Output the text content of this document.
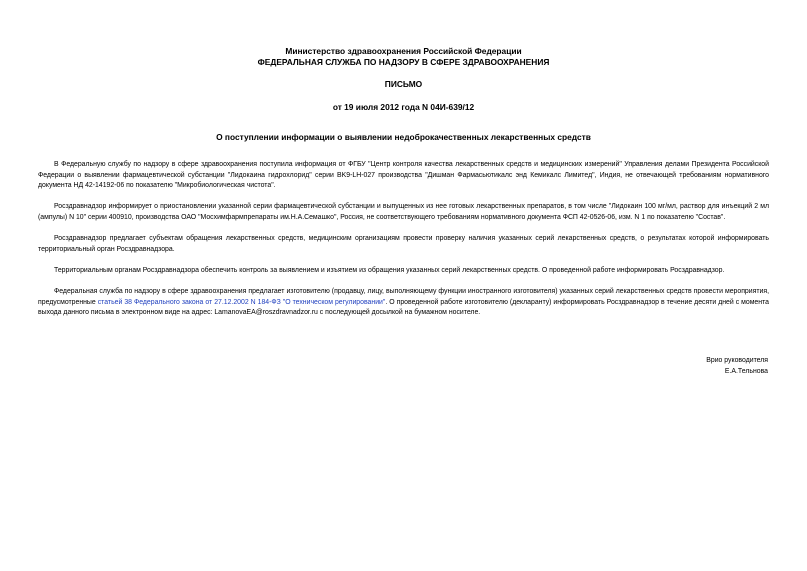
Министерство здравоохранения Российской Федерации
ФЕДЕРАЛЬНАЯ СЛУЖБА ПО НАДЗОРУ В СФЕРЕ ЗДРАВООХРАНЕНИЯ
ПИСЬМО
от 19 июля 2012 года N 04И-639/12
О поступлении информации о выявлении недоброкачественных лекарственных средств

В Федеральную службу по надзору в сфере здравоохранения поступила информация от ФГБУ "Центр контроля качества лекарственных средств и медицинских измерений" Управления делами Президента Российской Федерации о выявлении фармацевтической субстанции "Лидокаина гидрохлорид" серии BK9-LH-027 производства "Дишман Фармасьютикалс энд Кемикалс Лимитед", Индия, не отвечающей требованиям нормативного документа НД 42-14192-06 по показателю "Микробиологическая чистота".

Росздравнадзор информирует о приостановлении указанной серии фармацевтической субстанции и выпущенных из нее готовых лекарственных препаратов, в том числе "Лидокаин 100 мг/мл, раствор для инъекций 2 мл (ампулы) N 10" серии 400910, производства ОАО "Мосхимфармпрепараты им.Н.А.Семашко", Россия, не соответствующего требованиям нормативного документа ФСП 42-0526-06, изм. N 1 по показателю "Состав".

Росздравнадзор предлагает субъектам обращения лекарственных средств, медицинским организациям провести проверку наличия указанных серий лекарственных средств, о результатах которой информировать территориальный орган Росздравнадзора.

Территориальным органам Росздравнадзора обеспечить контроль за выявлением и изъятием из обращения указанных серий лекарственных средств. О проведенной работе информировать Росздравнадзор.

Федеральная служба по надзору в сфере здравоохранения предлагает изготовителю (продавцу, лицу, выполняющему функции иностранного изготовителя) указанных серий лекарственных средств провести мероприятия, предусмотренные статьей 38 Федерального закона от 27.12.2002 N 184-ФЗ "О техническом регулировании". О проведенной работе изготовителю (декларанту) информировать Росздравнадзор в течение десяти дней с момента выхода данного письма в электронном виде на адрес: LamanovaEA@roszdravnadzor.ru с последующей досылкой на бумажном носителе.

Врио руководителя
Е.А.Тельнова
